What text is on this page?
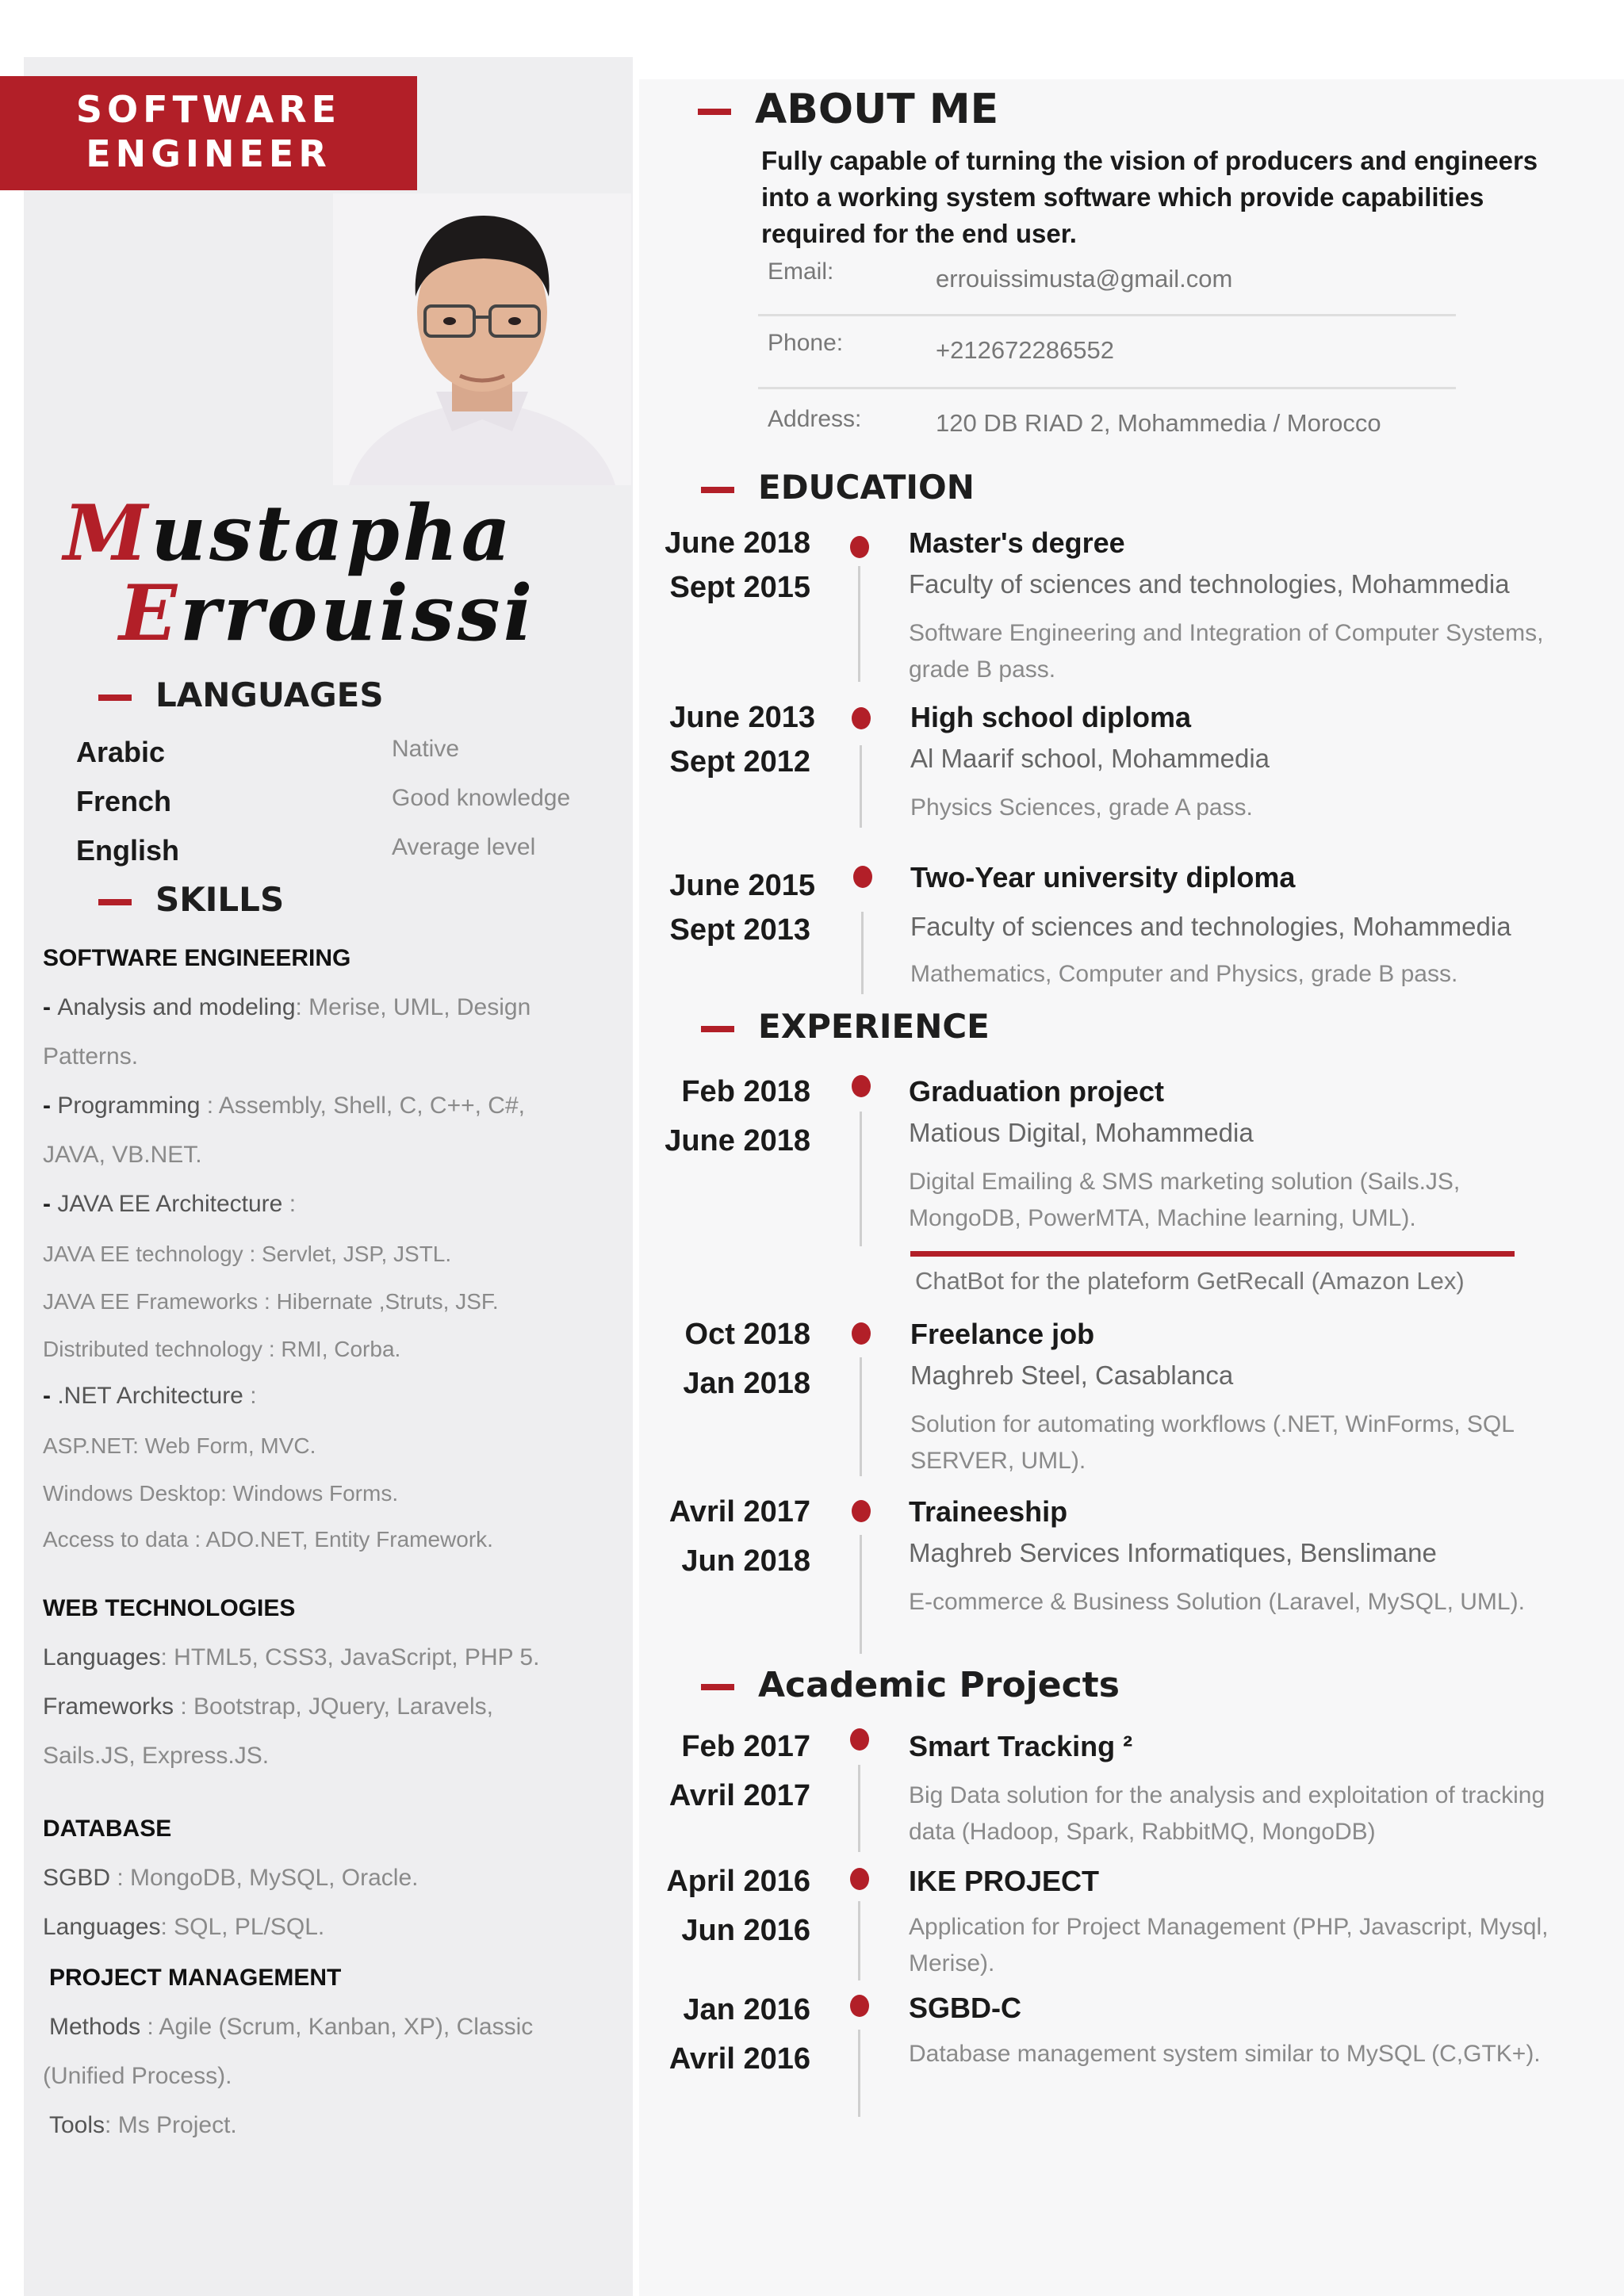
SOFTWARE
ENGINEER
Mustapha
Errouissi
LANGUAGES
Arabic	Native
French	Good knowledge
English	Average level
SKILLS
SOFTWARE ENGINEERING
- Analysis and modeling: Merise, UML, Design
Patterns.
- Programming : Assembly, Shell, C, C++, C#,
JAVA, VB.NET.
- JAVA EE Architecture :
JAVA EE technology : Servlet, JSP, JSTL.
JAVA EE Frameworks : Hibernate ,Struts, JSF.
Distributed technology : RMI, Corba.
- .NET Architecture :
ASP.NET: Web Form, MVC.
Windows Desktop: Windows Forms.
Access to data : ADO.NET, Entity Framework.
WEB TECHNOLOGIES
Languages: HTML5, CSS3, JavaScript, PHP 5.
Frameworks : Bootstrap, JQuery, Laravels,
Sails.JS, Express.JS.
DATABASE
SGBD : MongoDB, MySQL, Oracle.
Languages: SQL, PL/SQL.
PROJECT MANAGEMENT
Methods : Agile (Scrum, Kanban, XP), Classic
(Unified Process).
Tools: Ms Project.
ABOUT ME
Fully capable of turning the vision of producers and engineers into a working system software which provide capabilities required for the end user.
Email:	errouissimusta@gmail.com
Phone:	+212672286552
Address:	120 DB RIAD 2, Mohammedia / Morocco
EDUCATION
June 2018
Sept 2015
Master's degree
Faculty of sciences and technologies, Mohammedia
Software Engineering and Integration of Computer Systems, grade B pass.
June 2013
Sept 2012
High school diploma
Al Maarif school, Mohammedia
Physics Sciences, grade A pass.
June 2015
Sept 2013
Two-Year university diploma
Faculty of sciences and technologies, Mohammedia
Mathematics, Computer and Physics, grade B pass.
EXPERIENCE
Feb 2018
June 2018
Graduation project
Matious Digital, Mohammedia
Digital Emailing & SMS marketing solution (Sails.JS, MongoDB, PowerMTA, Machine learning, UML).
ChatBot for the plateform GetRecall (Amazon Lex)
Oct 2018
Jan 2018
Freelance job
Maghreb Steel, Casablanca
Solution for automating workflows (.NET, WinForms, SQL SERVER, UML).
Avril 2017
Jun 2018
Traineeship
Maghreb Services Informatiques, Benslimane
E-commerce & Business Solution (Laravel, MySQL, UML).
Academic Projects
Feb 2017
Avril 2017
Smart Tracking ²
Big Data solution for the analysis and exploitation of tracking data (Hadoop, Spark, RabbitMQ, MongoDB)
April 2016
Jun 2016
IKE PROJECT
Application for Project Management (PHP, Javascript, Mysql, Merise).
Jan 2016
Avril 2016
SGBD-C
Database management system similar to MySQL (C,GTK+).
